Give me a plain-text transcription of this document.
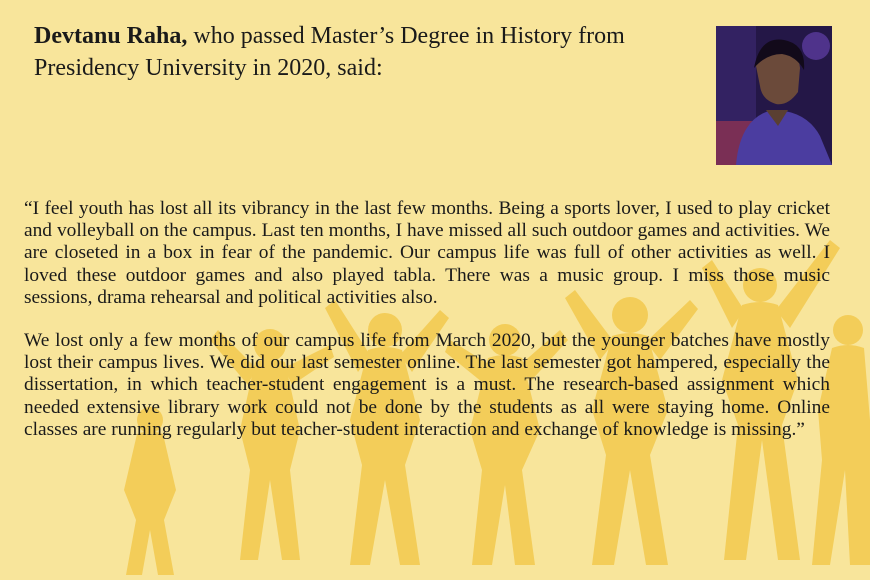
Devtanu Raha, who passed Master’s Degree in History from Presidency University in 2020, said:

“I feel youth has lost all its vibrancy in the last few months. Being a sports lover, I used to play cricket and volleyball on the campus. Last ten months, I have missed all such outdoor games and activities. We are closeted in a box in fear of the pandemic. Our campus life was full of other activities as well. I loved these outdoor games and also played tabla. There was a music group. I miss those music sessions, drama rehearsal and political activities also.

We lost only a few months of our campus life from March 2020, but the younger batches have mostly lost their campus lives. We did our last semester online. The last semester got hampered, especially the dissertation, in which teacher-student engagement is a must. The research-based assignment which needed extensive library work could not be done by the students as all were staying home. Online classes are running regularly but teacher-student interaction and exchange of knowledge is missing.”
